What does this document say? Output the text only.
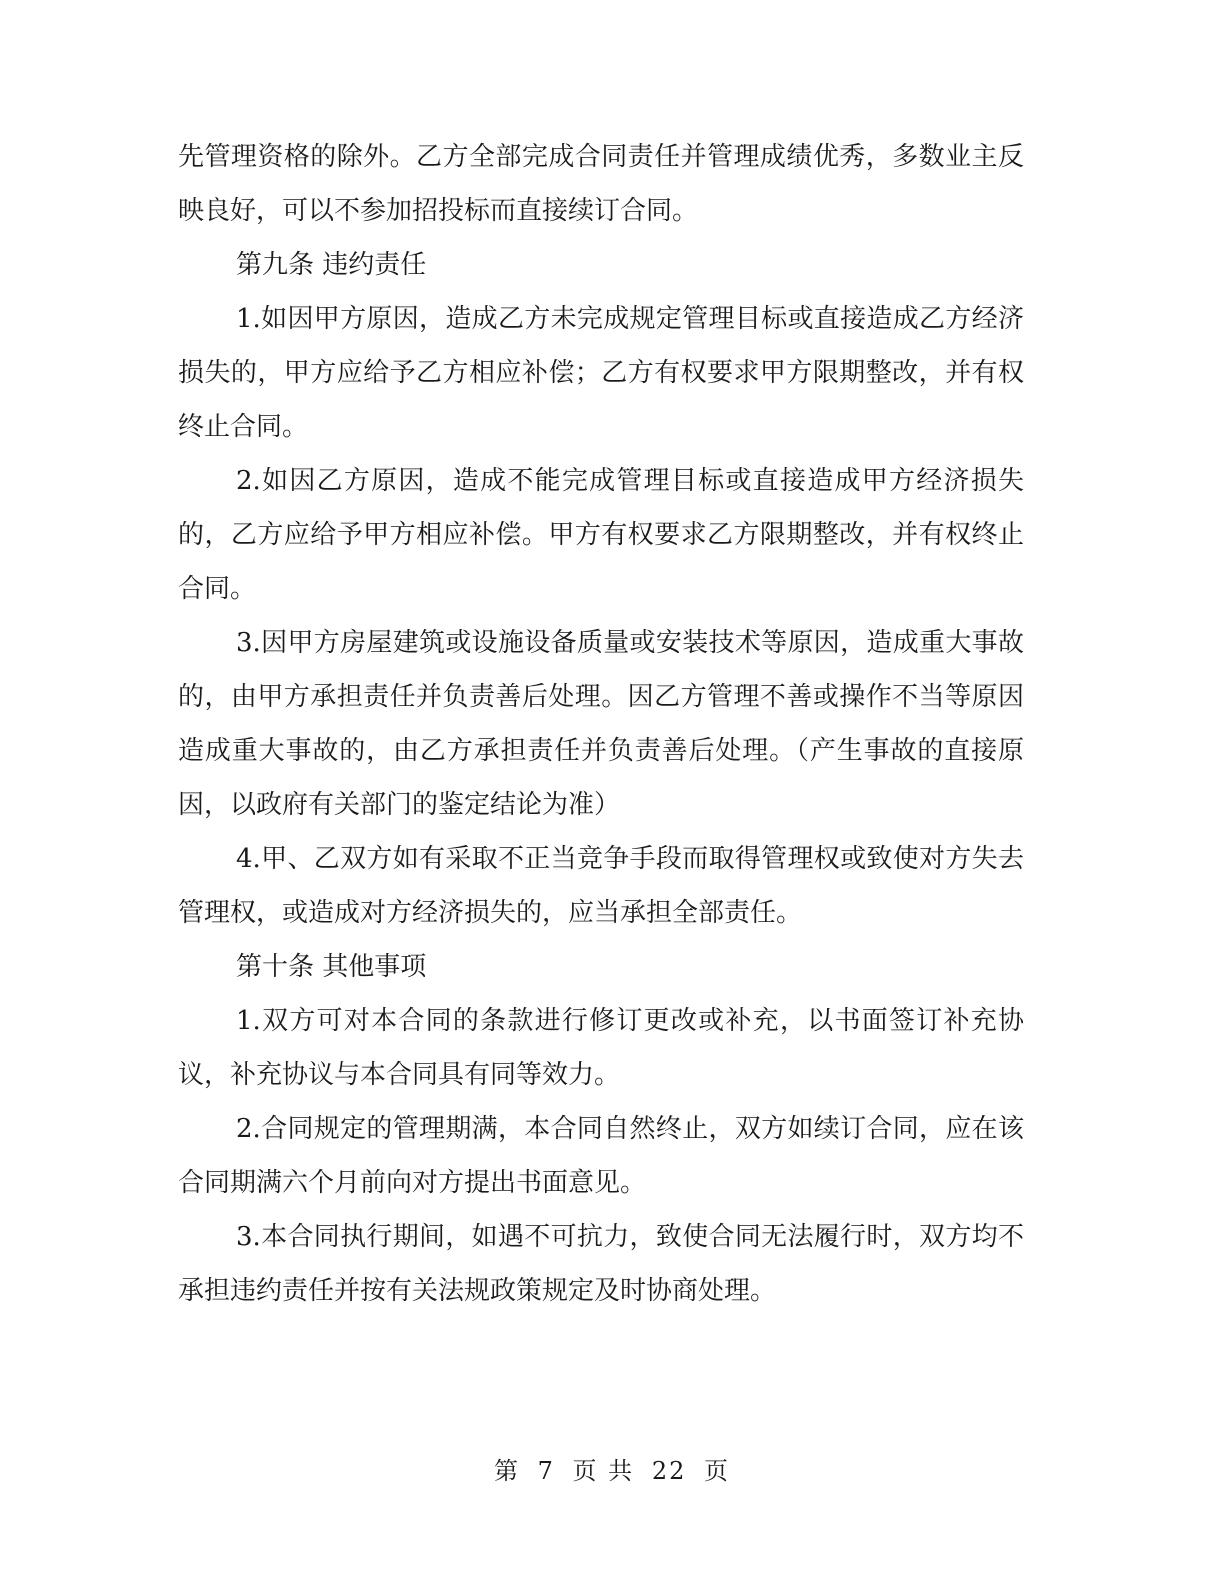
先管理资格的除外。乙方全部完成合同责任并管理成绩优秀，多数业主反映良好，可以不参加招投标而直接续订合同。

第九条 违约责任

1.如因甲方原因，造成乙方未完成规定管理目标或直接造成乙方经济损失的，甲方应给予乙方相应补偿；乙方有权要求甲方限期整改，并有权终止合同。

2.如因乙方原因，造成不能完成管理目标或直接造成甲方经济损失的，乙方应给予甲方相应补偿。甲方有权要求乙方限期整改，并有权终止合同。

3.因甲方房屋建筑或设施设备质量或安装技术等原因，造成重大事故的，由甲方承担责任并负责善后处理。因乙方管理不善或操作不当等原因造成重大事故的，由乙方承担责任并负责善后处理。（产生事故的直接原因，以政府有关部门的鉴定结论为准）

4.甲、乙双方如有采取不正当竞争手段而取得管理权或致使对方失去管理权，或造成对方经济损失的，应当承担全部责任。

第十条 其他事项

1.双方可对本合同的条款进行修订更改或补充，以书面签订补充协议，补充协议与本合同具有同等效力。

2.合同规定的管理期满，本合同自然终止，双方如续订合同，应在该合同期满六个月前向对方提出书面意见。

3.本合同执行期间，如遇不可抗力，致使合同无法履行时，双方均不承担违约责任并按有关法规政策规定及时协商处理。

第 7 页 共 22 页
